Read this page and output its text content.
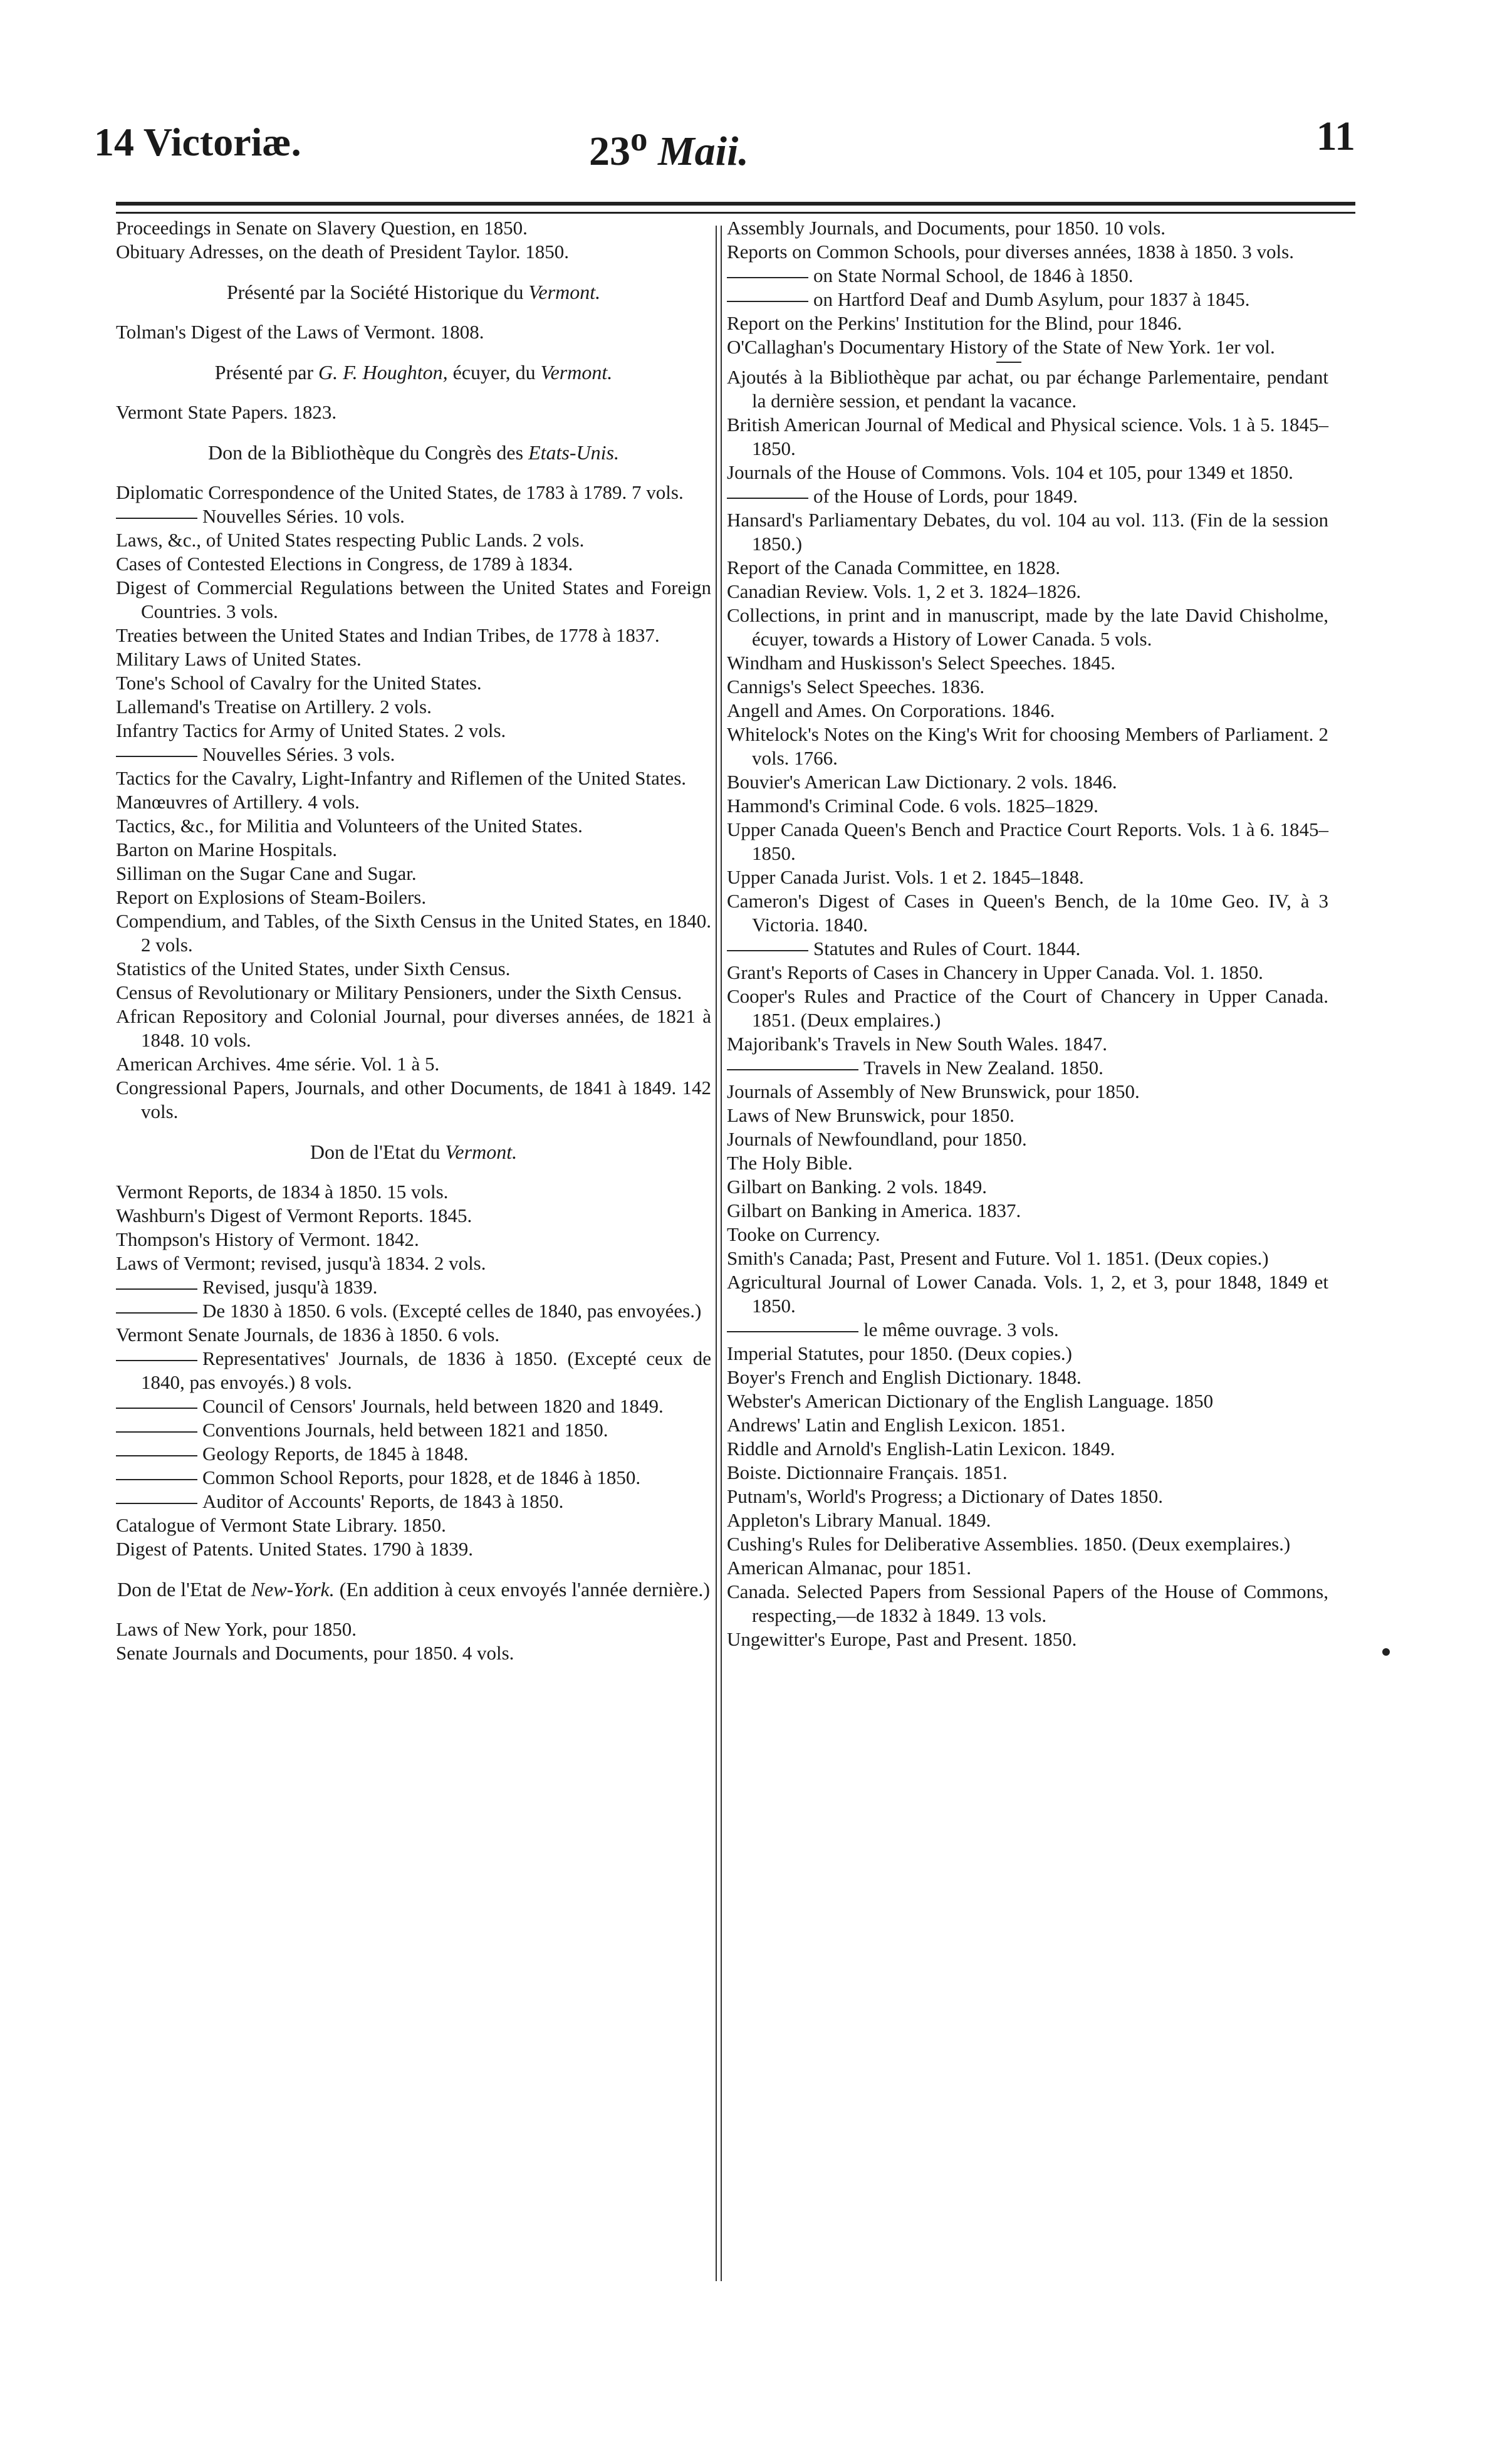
14 Victoriæ.	23$^o$ Maii.	11

Proceedings in Senate on Slavery Question, en 1850.

Obituary Adresses, on the death of President Taylor. 1850.

Présenté par la Société Historique du Vermont.

Tolman's Digest of the Laws of Vermont. 1808.

Présenté par G. F. Houghton, écuyer, du Vermont.

Vermont State Papers. 1823.

Don de la Bibliothèque du Congrès des Etats-Unis.

Diplomatic Correspondence of the United States, de 1783 à 1789. 7 vols.

Nouvelles Séries. 10 vols.

Laws, &c., of United States respecting Public Lands. 2 vols.

Cases of Contested Elections in Congress, de 1789 à 1834.

Digest of Commercial Regulations between the United States and Foreign Countries. 3 vols.

Treaties between the United States and Indian Tribes, de 1778 à 1837.

Military Laws of United States.

Tone's School of Cavalry for the United States.

Lallemand's Treatise on Artillery. 2 vols.

Infantry Tactics for Army of United States. 2 vols.

Nouvelles Séries. 3 vols.

Tactics for the Cavalry, Light-Infantry and Riflemen of the United States.

Manœuvres of Artillery. 4 vols.

Tactics, &c., for Militia and Volunteers of the United States.

Barton on Marine Hospitals.

Silliman on the Sugar Cane and Sugar.

Report on Explosions of Steam-Boilers.

Compendium, and Tables, of the Sixth Census in the United States, en 1840. 2 vols.

Statistics of the United States, under Sixth Census.

Census of Revolutionary or Military Pensioners, under the Sixth Census.

African Repository and Colonial Journal, pour diverses années, de 1821 à 1848. 10 vols.

American Archives. 4me série. Vol. 1 à 5.

Congressional Papers, Journals, and other Documents, de 1841 à 1849. 142 vols.

Don de l'Etat du Vermont.

Vermont Reports, de 1834 à 1850. 15 vols.

Washburn's Digest of Vermont Reports. 1845.

Thompson's History of Vermont. 1842.

Laws of Vermont; revised, jusqu'à 1834. 2 vols.

Revised, jusqu'à 1839.

De 1830 à 1850. 6 vols. (Excepté celles de 1840, pas envoyées.)

Vermont Senate Journals, de 1836 à 1850. 6 vols.

Representatives' Journals, de 1836 à 1850. (Excepté ceux de 1840, pas envoyés.) 8 vols.

Council of Censors' Journals, held between 1820 and 1849.

Conventions Journals, held between 1821 and 1850.

Geology Reports, de 1845 à 1848.

Common School Reports, pour 1828, et de 1846 à 1850.

Auditor of Accounts' Reports, de 1843 à 1850.

Catalogue of Vermont State Library. 1850.

Digest of Patents. United States. 1790 à 1839.

Don de l'Etat de New-York. (En addition à ceux envoyés l'année dernière.)

Laws of New York, pour 1850.

Senate Journals and Documents, pour 1850. 4 vols.

Assembly Journals, and Documents, pour 1850. 10 vols.

Reports on Common Schools, pour diverses années, 1838 à 1850. 3 vols.

on State Normal School, de 1846 à 1850.

on Hartford Deaf and Dumb Asylum, pour 1837 à 1845.

Report on the Perkins' Institution for the Blind, pour 1846.

O'Callaghan's Documentary History of the State of New York. 1er vol.

Ajoutés à la Bibliothèque par achat, ou par échange Parlementaire, pendant la dernière session, et pendant la vacance.

British American Journal of Medical and Physical science. Vols. 1 à 5. 1845–1850.

Journals of the House of Commons. Vols. 104 et 105, pour 1349 et 1850.

of the House of Lords, pour 1849.

Hansard's Parliamentary Debates, du vol. 104 au vol. 113. (Fin de la session 1850.)

Report of the Canada Committee, en 1828.

Canadian Review. Vols. 1, 2 et 3. 1824–1826.

Collections, in print and in manuscript, made by the late David Chisholme, écuyer, towards a History of Lower Canada. 5 vols.

Windham and Huskisson's Select Speeches. 1845.

Cannigs's Select Speeches. 1836.

Angell and Ames. On Corporations. 1846.

Whitelock's Notes on the King's Writ for choosing Members of Parliament. 2 vols. 1766.

Bouvier's American Law Dictionary. 2 vols. 1846.

Hammond's Criminal Code. 6 vols. 1825–1829.

Upper Canada Queen's Bench and Practice Court Reports. Vols. 1 à 6. 1845–1850.

Upper Canada Jurist. Vols. 1 et 2. 1845–1848.

Cameron's Digest of Cases in Queen's Bench, de la 10me Geo. IV, à 3 Victoria. 1840.

Statutes and Rules of Court. 1844.

Grant's Reports of Cases in Chancery in Upper Canada. Vol. 1. 1850.

Cooper's Rules and Practice of the Court of Chancery in Upper Canada. 1851. (Deux emplaires.)

Majoribank's Travels in New South Wales. 1847.

Travels in New Zealand. 1850.

Journals of Assembly of New Brunswick, pour 1850.

Laws of New Brunswick, pour 1850.

Journals of Newfoundland, pour 1850.

The Holy Bible.

Gilbart on Banking. 2 vols. 1849.

Gilbart on Banking in America. 1837.

Tooke on Currency.

Smith's Canada; Past, Present and Future. Vol 1. 1851. (Deux copies.)

Agricultural Journal of Lower Canada. Vols. 1, 2, et 3, pour 1848, 1849 et 1850.

le même ouvrage. 3 vols.

Imperial Statutes, pour 1850. (Deux copies.)

Boyer's French and English Dictionary. 1848.

Webster's American Dictionary of the English Language. 1850

Andrews' Latin and English Lexicon. 1851.

Riddle and Arnold's English-Latin Lexicon. 1849.

Boiste. Dictionnaire Français. 1851.

Putnam's, World's Progress; a Dictionary of Dates 1850.

Appleton's Library Manual. 1849.

Cushing's Rules for Deliberative Assemblies. 1850. (Deux exemplaires.)

American Almanac, pour 1851.

Canada. Selected Papers from Sessional Papers of the House of Commons, respecting,—de 1832 à 1849. 13 vols.

Ungewitter's Europe, Past and Present. 1850.
